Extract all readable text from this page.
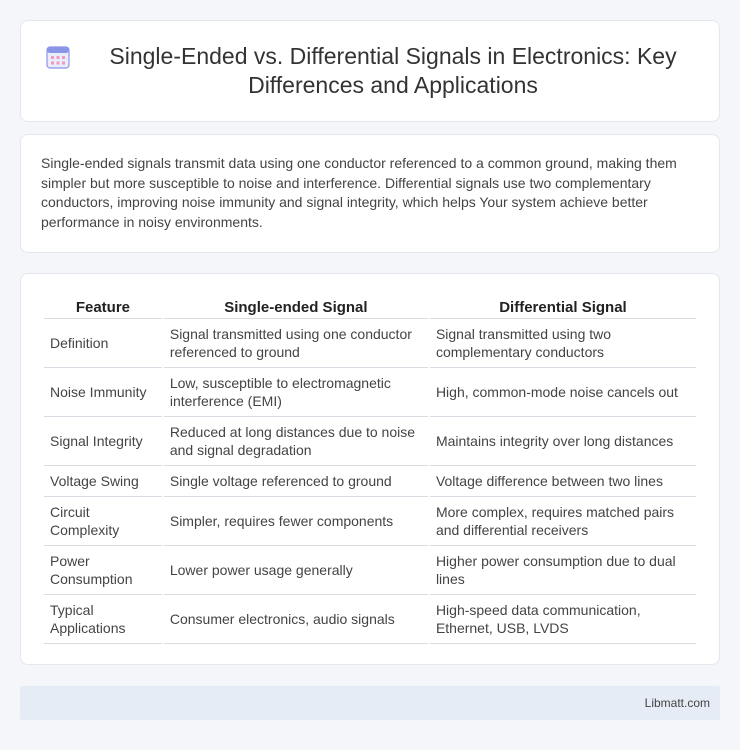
Single-Ended vs. Differential Signals in Electronics: Key Differences and Applications

Single-ended signals transmit data using one conductor referenced to a common ground, making them simpler but more susceptible to noise and interference. Differential signals use two complementary conductors, improving noise immunity and signal integrity, which helps Your system achieve better performance in noisy environments.

Feature	Single-ended Signal	Differential Signal
Definition	Signal transmitted using one conductor referenced to ground	Signal transmitted using two complementary conductors
Noise Immunity	Low, susceptible to electromagnetic interference (EMI)	High, common-mode noise cancels out
Signal Integrity	Reduced at long distances due to noise and signal degradation	Maintains integrity over long distances
Voltage Swing	Single voltage referenced to ground	Voltage difference between two lines
Circuit Complexity	Simpler, requires fewer components	More complex, requires matched pairs and differential receivers
Power Consumption	Lower power usage generally	Higher power consumption due to dual lines
Typical Applications	Consumer electronics, audio signals	High-speed data communication, Ethernet, USB, LVDS
Libmatt.com
